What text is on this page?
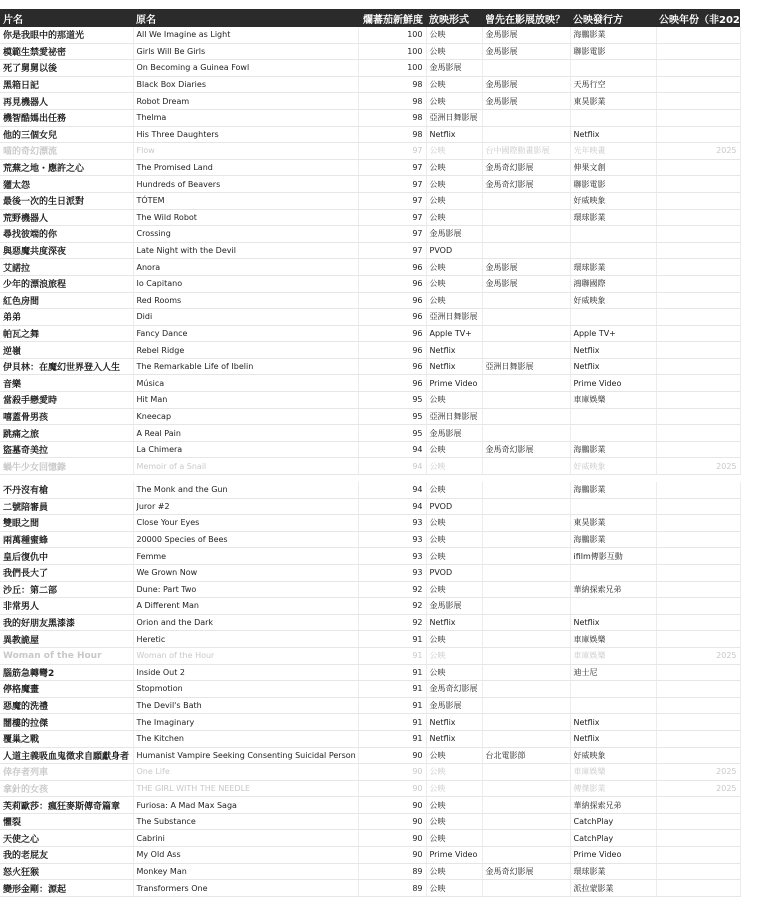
片名	原名	爛蕃茄新鮮度	放映形式	曾先在影展放映？	公映發行方	公映年份（非2024）
你是我眼中的那道光	All We Imagine as Light	100	公映	金馬影展	海鵬影業	
模範生禁愛祕密	Girls Will Be Girls	100	公映	金馬影展	聯影電影	
死了舅舅以後	On Becoming a Guinea Fowl	100	金馬影展			
黑箱日記	Black Box Diaries	98	公映	金馬影展	天馬行空	
再見機器人	Robot Dream	98	公映	金馬影展	東昊影業	
機智酷媽出任務	Thelma	98	亞洲日舞影展			
他的三個女兒	His Three Daughters	98	Netflix		Netflix	
喵的奇幻漂流	Flow	97	公映	台中國際動畫影展	光年映畫	2025
荒蕪之地・應許之心	The Promised Land	97	公映	金馬奇幻影展	伸果文創	
獾太怨	Hundreds of Beavers	97	公映	金馬奇幻影展	聯影電影	
最後一次的生日派對	TÓTEM	97	公映		好威映象	
荒野機器人	The Wild Robot	97	公映		環球影業	
尋找彼端的你	Crossing	97	金馬影展			
與惡魔共度深夜	Late Night with the Devil	97	PVOD			
艾諾拉	Anora	96	公映	金馬影展	環球影業	
少年的漂浪旅程	Io Capitano	96	公映	金馬影展	鴻聯國際	
紅色房間	Red Rooms	96	公映		好威映象	
弟弟	Didi	96	亞洲日舞影展			
帕瓦之舞	Fancy Dance	96	Apple TV+		Apple TV+	
逆嶺	Rebel Ridge	96	Netflix		Netflix	
伊貝林：在魔幻世界登入人生	The Remarkable Life of Ibelin	96	Netflix	亞洲日舞影展	Netflix	
音樂	Música	96	Prime Video		Prime Video	
當殺手戀愛時	Hit Man	95	公映		車庫娛樂	
嘻蓋骨男孩	Kneecap	95	亞洲日舞影展			
跳痛之旅	A Real Pain	95	金馬影展			
盜墓奇美拉	La Chimera	94	公映	金馬奇幻影展	海鵬影業	
蝸牛少女回憶錄	Memoir of a Snail	94	公映		好威映象	2025
不丹沒有槍	The Monk and the Gun	94	公映		海鵬影業	
二號陪審員	Juror #2	94	PVOD			
雙眼之間	Close Your Eyes	93	公映		東昊影業	
兩萬種蜜蜂	20000 Species of Bees	93	公映		海鵬影業	
皇后復仇中	Femme	93	公映		ifilm傳影互動	
我們長大了	We Grown Now	93	PVOD			
沙丘：第二部	Dune: Part Two	92	公映		華納探索兄弟	
非常男人	A Different Man	92	金馬影展			
我的好朋友黑漆漆	Orion and the Dark	92	Netflix		Netflix	
異教詭屋	Heretic	91	公映		車庫娛樂	
Woman of the Hour	Woman of the Hour	91	公映		車庫娛樂	2025
腦筋急轉彎2	Inside Out 2	91	公映		迪士尼	
停格魔畫	Stopmotion	91	金馬奇幻影展			
惡魔的洗禮	The Devil's Bath	91	金馬影展			
闇樓的拉傑	The Imaginary	91	Netflix		Netflix	
覆巢之戰	The Kitchen	91	Netflix		Netflix	
人道主義吸血鬼徵求自願獻身者	Humanist Vampire Seeking Consenting Suicidal Person	90	公映	台北電影節	好威映象	
倖存者列車	One Life	90	公映		車庫娛樂	2025
拿針的女孩	THE GIRL WITH THE NEEDLE	90	公映		傳傑影業	2025
芙莉歐莎：瘋狂麥斯傳奇篇章	Furiosa: A Mad Max Saga	90	公映		華納探索兄弟	
懼裂	The Substance	90	公映		CatchPlay	
天使之心	Cabrini	90	公映		CatchPlay	
我的老屁友	My Old Ass	90	Prime Video		Prime Video	
怒火狂猴	Monkey Man	89	公映	金馬奇幻影展	環球影業	
變形金剛：源起	Transformers One	89	公映		派拉蒙影業	
